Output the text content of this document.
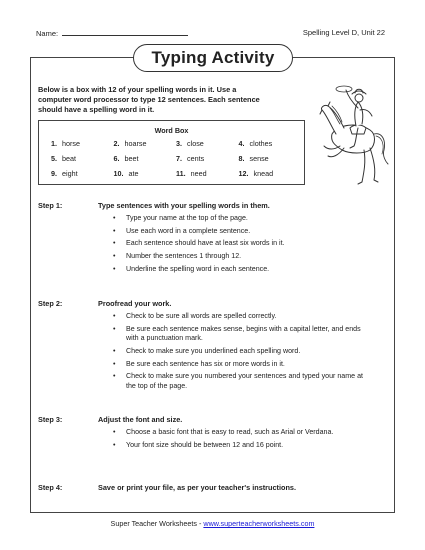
Name:	Spelling Level D, Unit 22
Typing Activity
Below is a box with 12 of your spelling words in it. Use a computer word processor to type 12 sentences. Each sentence should have a spelling word in it.
Word Box
1. horse	2. hoarse	3. close	4. clothes
5. beat	6. beet	7. cents	8. sense
9. eight	10. ate	11. need	12. knead
Step 1:	Type sentences with your spelling words in them.
• Type your name at the top of the page.
• Use each word in a complete sentence.
• Each sentence should have at least six words in it.
• Number the sentences 1 through 12.
• Underline the spelling word in each sentence.
Step 2:	Proofread your work.
• Check to be sure all words are spelled correctly.
• Be sure each sentence makes sense, begins with a capital letter, and ends with a punctuation mark.
• Check to make sure you underlined each spelling word.
• Be sure each sentence has six or more words in it.
• Check to make sure you numbered your sentences and typed your name at the top of the page.
Step 3:	Adjust the font and size.
• Choose a basic font that is easy to read, such as Arial or Verdana.
• Your font size should be between 12 and 16 point.
Step 4:	Save or print your file, as per your teacher's instructions.
Super Teacher Worksheets - www.superteacherworksheets.com
